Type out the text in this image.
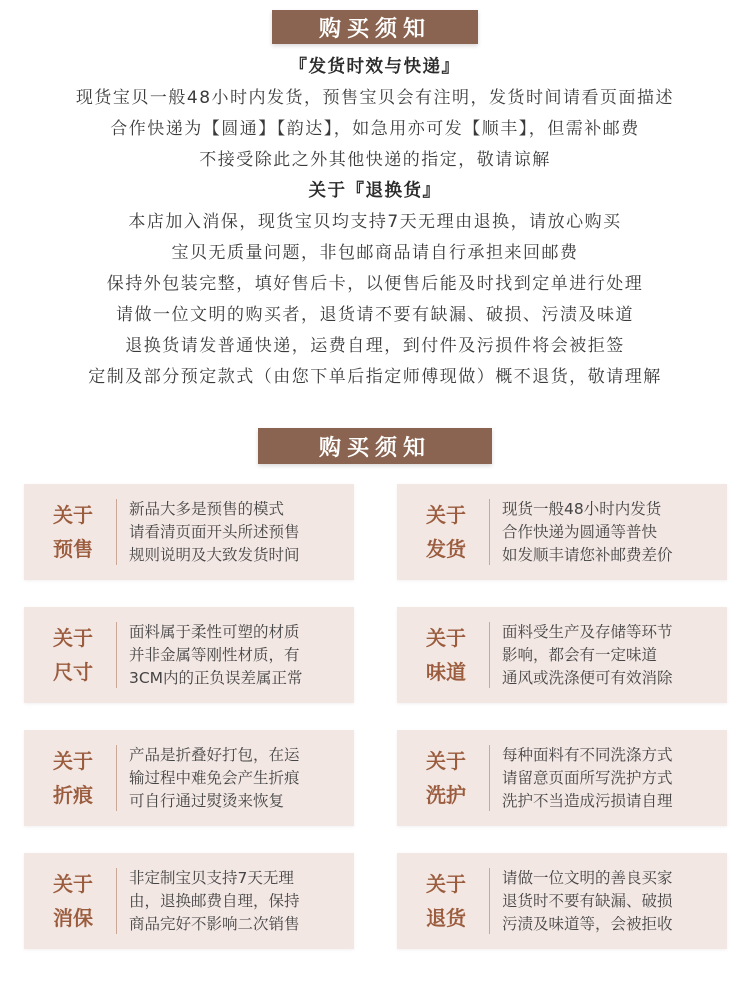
购买须知
『发货时效与快递』
现货宝贝一般48小时内发货，预售宝贝会有注明，发货时间请看页面描述
合作快递为【圆通】【韵达】，如急用亦可发【顺丰】，但需补邮费
不接受除此之外其他快递的指定，敬请谅解
关于『退换货』
本店加入消保，现货宝贝均支持7天无理由退换，请放心购买
宝贝无质量问题，非包邮商品请自行承担来回邮费
保持外包装完整，填好售后卡，以便售后能及时找到定单进行处理
请做一位文明的购买者，退货请不要有缺漏、破损、污渍及味道
退换货请发普通快递，运费自理，到付件及污损件将会被拒签
定制及部分预定款式（由您下单后指定师傅现做）概不退货，敬请理解
购买须知
关于
预售
新品大多是预售的模式
请看清页面开头所述预售
规则说明及大致发货时间
关于
发货
现货一般48小时内发货
合作快递为圆通等普快
如发顺丰请您补邮费差价
关于
尺寸
面料属于柔性可塑的材质
并非金属等刚性材质，有
3CM内的正负误差属正常
关于
味道
面料受生产及存储等环节
影响，都会有一定味道
通风或洗涤便可有效消除
关于
折痕
产品是折叠好打包，在运
输过程中难免会产生折痕
可自行通过熨烫来恢复
关于
洗护
每种面料有不同洗涤方式
请留意页面所写洗护方式
洗护不当造成污损请自理
关于
消保
非定制宝贝支持7天无理
由，退换邮费自理，保持
商品完好不影响二次销售
关于
退货
请做一位文明的善良买家
退货时不要有缺漏、破损
污渍及味道等，会被拒收
